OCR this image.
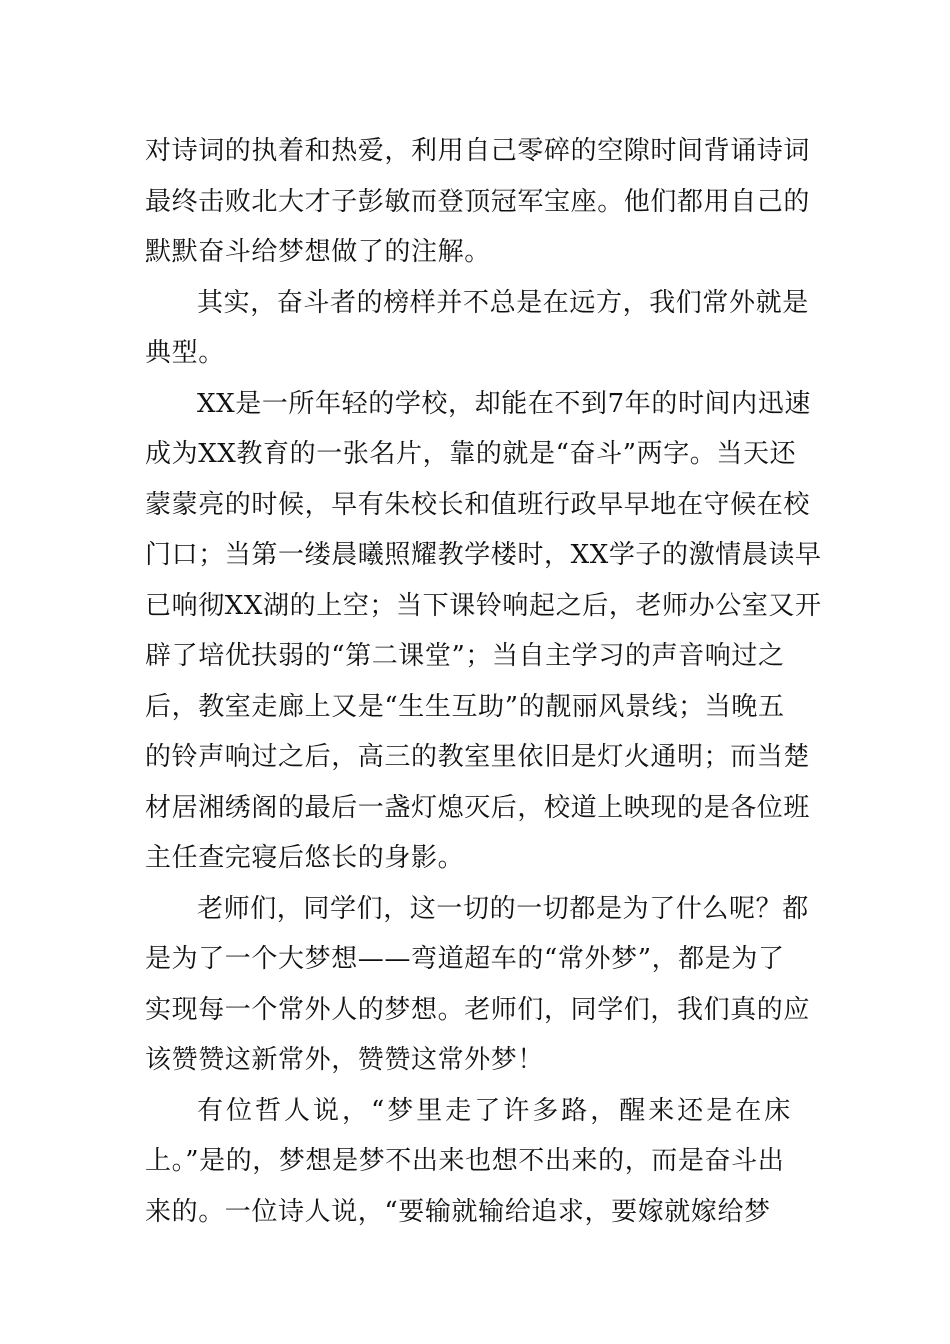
对诗词的执着和热爱，利用自己零碎的空隙时间背诵诗词
最终击败北大才子彭敏而登顶冠军宝座。他们都用自己的
默默奋斗给梦想做了的注解。

其实，奋斗者的榜样并不总是在远方，我们常外就是
典型。

XX是一所年轻的学校，却能在不到7年的时间内迅速
成为XX教育的一张名片，靠的就是“奋斗”两字。当天还
蒙蒙亮的时候，早有朱校长和值班行政早早地在守候在校
门口；当第一缕晨曦照耀教学楼时，XX学子的激情晨读早
已响彻XX湖的上空；当下课铃响起之后，老师办公室又开
辟了培优扶弱的“第二课堂”；当自主学习的声音响过之
后，教室走廊上又是“生生互助”的靓丽风景线；当晚五
的铃声响过之后，高三的教室里依旧是灯火通明；而当楚
材居湘绣阁的最后一盏灯熄灭后，校道上映现的是各位班
主任查完寝后悠长的身影。

老师们，同学们，这一切的一切都是为了什么呢？都
是为了一个大梦想——弯道超车的“常外梦”，都是为了
实现每一个常外人的梦想。老师们，同学们，我们真的应
该赞赞这新常外，赞赞这常外梦！

有位哲人说，“梦里走了许多路，醒来还是在床
上。”是的，梦想是梦不出来也想不出来的，而是奋斗出
来的。一位诗人说，“要输就输给追求，要嫁就嫁给梦
